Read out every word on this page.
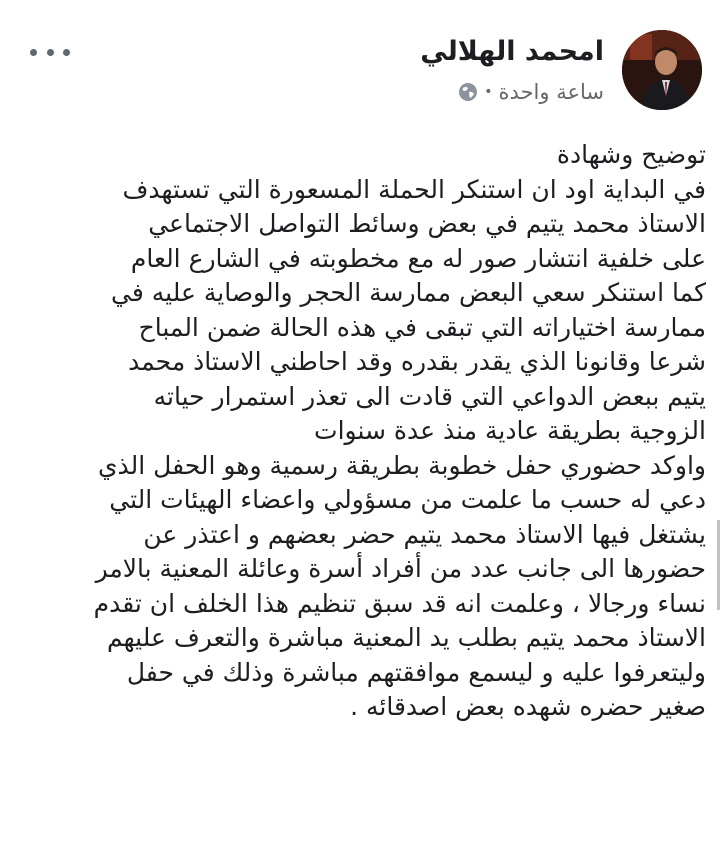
امحمد الهلالي
ساعة واحدة
•
توضيح وشهادة
في البداية اود ان استنكر الحملة المسعورة التي تستهدف
الاستاذ محمد يتيم في بعض وسائط التواصل الاجتماعي
على خلفية انتشار صور له مع مخطوبته في الشارع العام
كما استنكر سعي البعض ممارسة الحجر والوصاية عليه في
ممارسة اختياراته التي تبقى في هذه الحالة ضمن المباح
شرعا وقانونا الذي يقدر بقدره وقد احاطني الاستاذ محمد
يتيم ببعض الدواعي التي قادت الى تعذر استمرار حياته
الزوجية بطريقة عادية منذ عدة سنوات
واوكد حضوري حفل خطوبة بطريقة رسمية وهو الحفل الذي
دعي له حسب ما علمت من مسؤولي واعضاء الهيئات التي
يشتغل فيها الاستاذ محمد يتيم حضر بعضهم و اعتذر عن
حضورها الى جانب عدد من أفراد أسرة وعائلة المعنية بالامر
نساء ورجالا ، وعلمت انه قد سبق تنظيم هذا الخلف ان تقدم
الاستاذ محمد يتيم بطلب يد المعنية مباشرة والتعرف عليهم
وليتعرفوا عليه و ليسمع موافقتهم مباشرة وذلك في حفل
صغير حضره شهده بعض اصدقائه .
